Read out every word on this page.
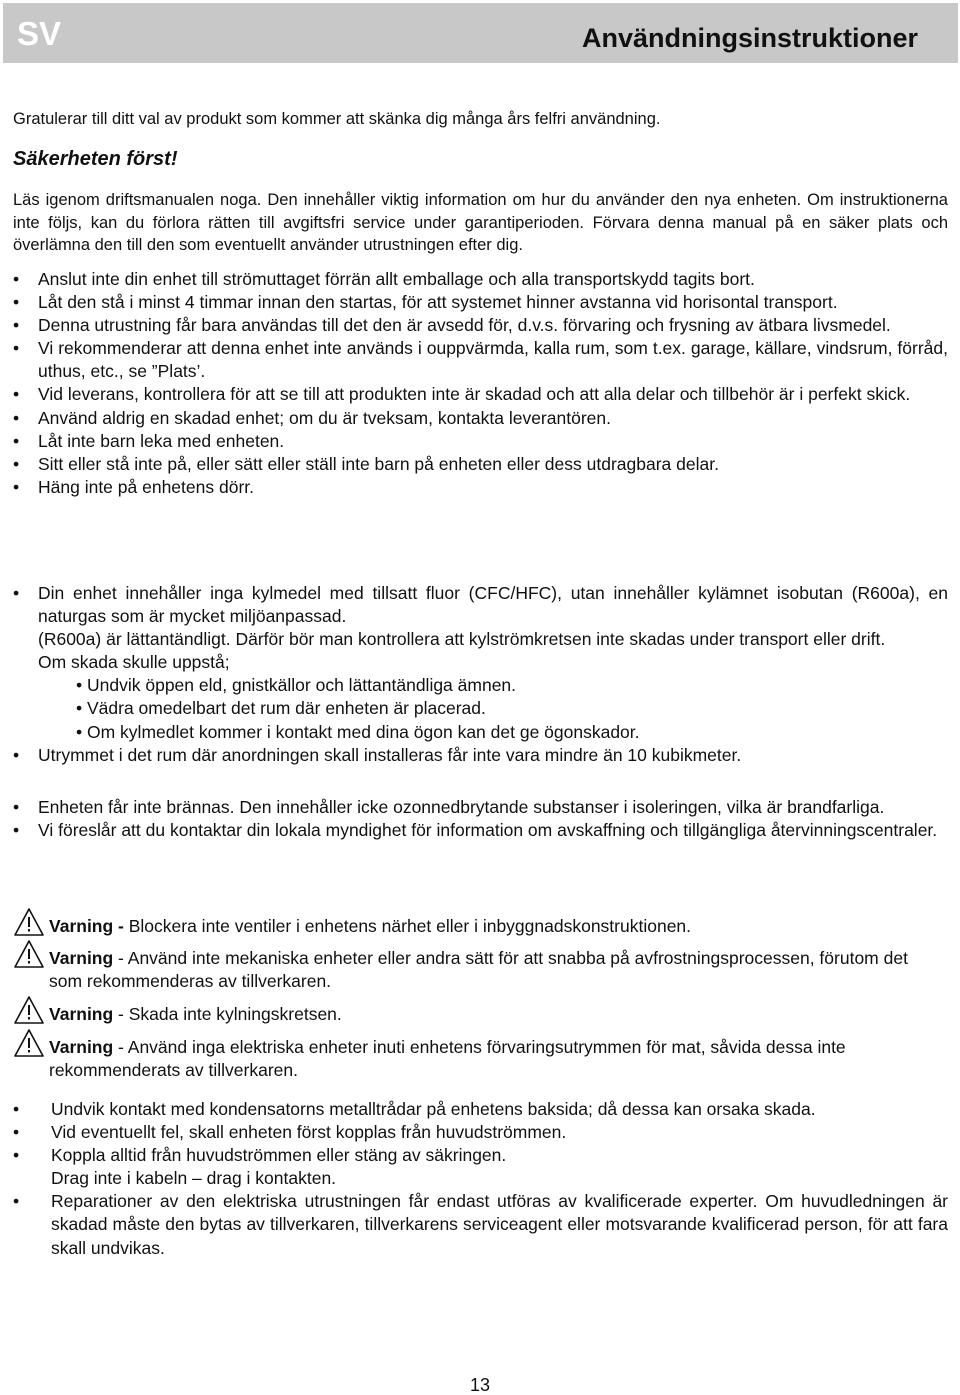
SV	Användningsinstruktioner

Gratulerar till ditt val av produkt som kommer att skänka dig många års felfri användning.

Säkerheten först!

Läs igenom driftsmanualen noga. Den innehåller viktig information om hur du använder den nya enheten. Om instruktionerna inte följs, kan du förlora rätten till avgiftsfri service under garantiperioden. Förvara denna manual på en säker plats och överlämna den till den som eventuellt använder utrustningen efter dig.

• Anslut inte din enhet till strömuttaget förrän allt emballage och alla transportskydd tagits bort.
• Låt den stå i minst 4 timmar innan den startas, för att systemet hinner avstanna vid horisontal transport.
• Denna utrustning får bara användas till det den är avsedd för, d.v.s. förvaring och frysning av ätbara livsmedel.
• Vi rekommenderar att denna enhet inte används i ouppvärmda, kalla rum, som t.ex. garage, källare, vindsrum, förråd, uthus, etc., se ”Plats’.
• Vid leverans, kontrollera för att se till att produkten inte är skadad och att alla delar och tillbehör är i perfekt skick.
• Använd aldrig en skadad enhet; om du är tveksam, kontakta leverantören.
• Låt inte barn leka med enheten.
• Sitt eller stå inte på, eller sätt eller ställ inte barn på enheten eller dess utdragbara delar.
• Häng inte på enhetens dörr.
• Din enhet innehåller inga kylmedel med tillsatt fluor (CFC/HFC), utan innehåller kylämnet isobutan (R600a), en naturgas som är mycket miljöanpassad.
(R600a) är lättantändligt. Därför bör man kontrollera att kylströmkretsen inte skadas under transport eller drift.
Om skada skulle uppstå;
• Undvik öppen eld, gnistkällor och lättantändliga ämnen.
• Vädra omedelbart det rum där enheten är placerad.
• Om kylmedlet kommer i kontakt med dina ögon kan det ge ögonskador.
• Utrymmet i det rum där anordningen skall installeras får inte vara mindre än 10 kubikmeter.
• Enheten får inte brännas. Den innehåller icke ozonnedbrytande substanser i isoleringen, vilka är brandfarliga.
• Vi föreslår att du kontaktar din lokala myndighet för information om avskaffning och tillgängliga återvinningscentraler.
Varning - Blockera inte ventiler i enhetens närhet eller i inbyggnadskonstruktionen.
Varning - Använd inte mekaniska enheter eller andra sätt för att snabba på avfrostningsprocessen, förutom det som rekommenderas av tillverkaren.
Varning - Skada inte kylningskretsen.
Varning - Använd inga elektriska enheter inuti enhetens förvaringsutrymmen för mat, såvida dessa inte rekommenderats av tillverkaren.
• Undvik kontakt med kondensatorns metalltrådar på enhetens baksida; då dessa kan orsaka skada.
• Vid eventuellt fel, skall enheten först kopplas från huvudströmmen.
• Koppla alltid från huvudströmmen eller stäng av säkringen.
Drag inte i kabeln – drag i kontakten.
• Reparationer av den elektriska utrustningen får endast utföras av kvalificerade experter. Om huvudledningen är skadad måste den bytas av tillverkaren, tillverkarens serviceagent eller motsvarande kvalificerad person, för att fara skall undvikas.
13
